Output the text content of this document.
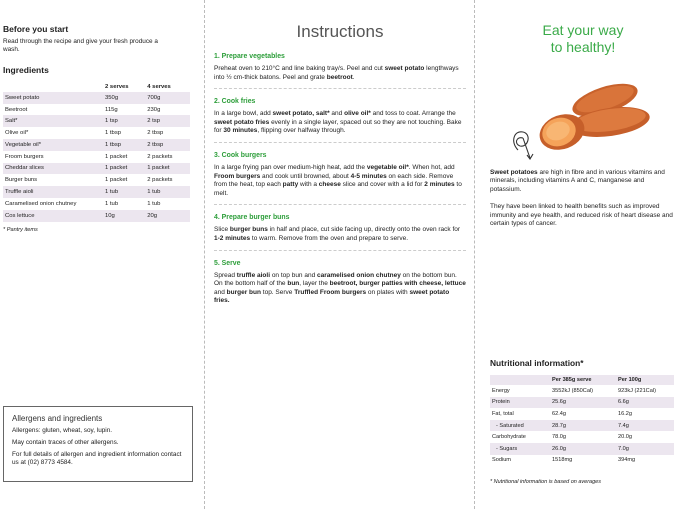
Before you start
Read through the recipe and give your fresh produce a wash.
Ingredients
	2 serves	4 serves
Sweet potato	350g	700g
Beetroot	115g	230g
Salt*	1 tsp	2 tsp
Olive oil*	1 tbsp	2 tbsp
Vegetable oil*	1 tbsp	2 tbsp
Froom burgers	1 packet	2 packets
Cheddar slices	1 packet	1 packet
Burger buns	1 packet	2 packets
Truffle aioli	1 tub	1 tub
Caramelised onion chutney	1 tub	1 tub
Cos lettuce	10g	20g
* Pantry items
Allergens and ingredients
Allergens: gluten, wheat, soy, lupin.
May contain traces of other allergens.
For full details of allergen and ingredient information contact us at (02) 8773 4584.
Instructions
1. Prepare vegetables
Preheat oven to 210°C and line baking tray/s. Peel and cut sweet potato lengthways into ½ cm-thick batons. Peel and grate beetroot.
2. Cook fries
In a large bowl, add sweet potato, salt* and olive oil* and toss to coat. Arrange the sweet potato fries evenly in a single layer, spaced out so they are not touching. Bake for 30 minutes, flipping over halfway through.
3. Cook burgers
In a large frying pan over medium-high heat, add the vegetable oil*. When hot, add Froom burgers and cook until browned, about 4-5 minutes on each side. Remove from the heat, top each patty with a cheese slice and cover with a lid for 2 minutes to melt.
4. Prepare burger buns
Slice burger buns in half and place, cut side facing up, directly onto the oven rack for 1-2 minutes to warm. Remove from the oven and prepare to serve.
5. Serve
Spread truffle aioli on top bun and caramelised onion chutney on the bottom bun. On the bottom half of the bun, layer the beetroot, burger patties with cheese, lettuce and burger bun top. Serve Truffled Froom burgers on plates with sweet potato fries.
Eat your way
to healthy!
Sweet potatoes are high in fibre and in various vitamins and minerals, including vitamins A and C, manganese and potassium.
They have been linked to health benefits such as improved immunity and eye health, and reduced risk of heart disease and certain types of cancer.
Nutritional information*
	Per 385g serve	Per 100g
Energy	3552kJ (850Cal)	923kJ (221Cal)
Protein	25.6g	6.6g
Fat, total	62.4g	16.2g
- Saturated	28.7g	7.4g
Carbohydrate	78.0g	20.0g
- Sugars	26.0g	7.0g
Sodium	1518mg	394mg
* Nutritional information is based on averages
